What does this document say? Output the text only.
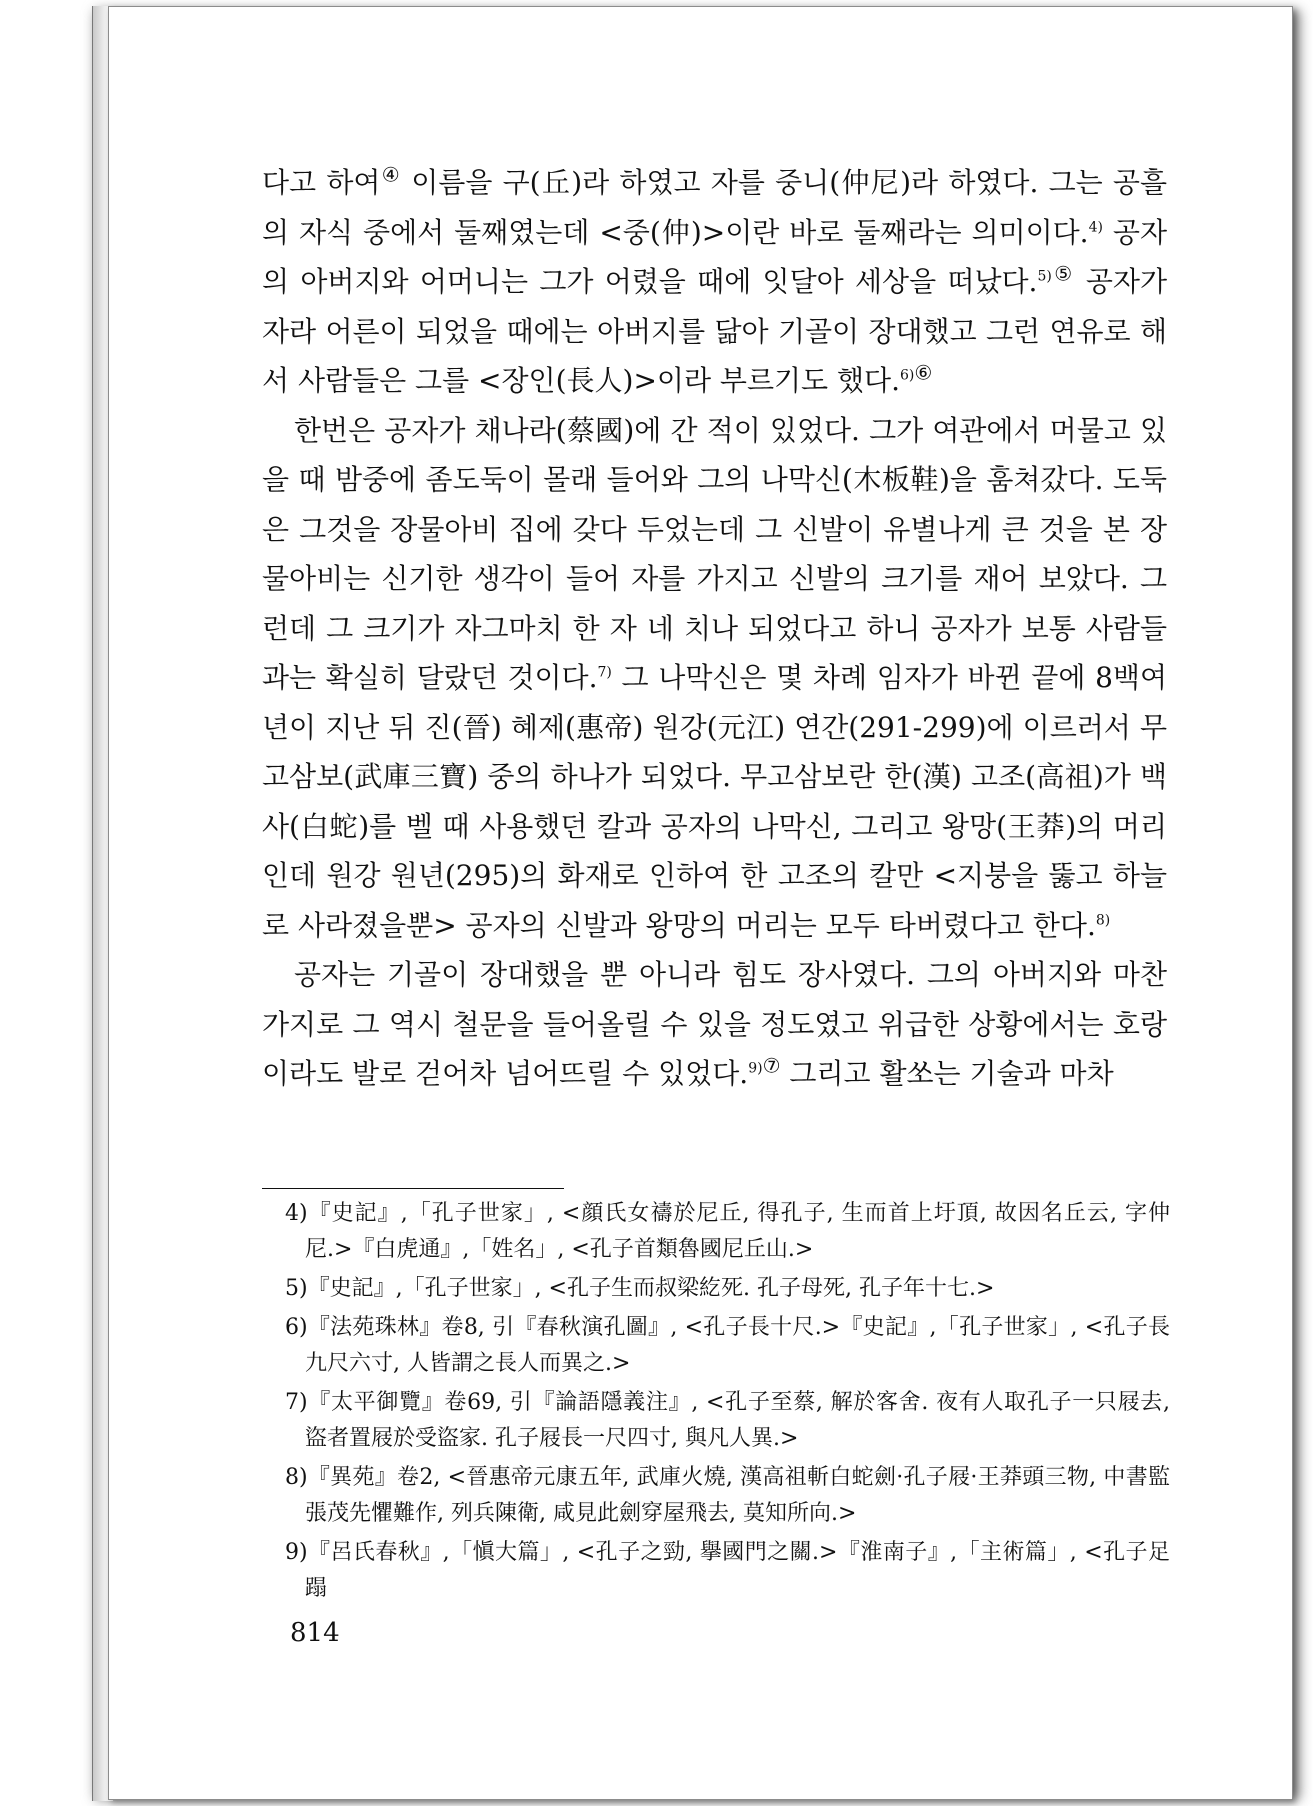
다고 하여④ 이름을 구(丘)라 하였고 자를 중니(仲尼)라 하였다. 그는 공흘의 자식 중에서 둘째였는데 <중(仲)>이란 바로 둘째라는 의미이다.$^{4)}$ 공자의 아버지와 어머니는 그가 어렸을 때에 잇달아 세상을 떠났다.$^{5)⑤}$ 공자가 자라 어른이 되었을 때에는 아버지를 닮아 기골이 장대했고 그런 연유로 해서 사람들은 그를 <장인(長人)>이라 부르기도 했다.$^{6)⑥}$

한번은 공자가 채나라(蔡國)에 간 적이 있었다. 그가 여관에서 머물고 있을 때 밤중에 좀도둑이 몰래 들어와 그의 나막신(木板鞋)을 훔쳐갔다. 도둑은 그것을 장물아비 집에 갖다 두었는데 그 신발이 유별나게 큰 것을 본 장물아비는 신기한 생각이 들어 자를 가지고 신발의 크기를 재어 보았다. 그런데 그 크기가 자그마치 한 자 네 치나 되었다고 하니 공자가 보통 사람들과는 확실히 달랐던 것이다.$^{7)}$ 그 나막신은 몇 차례 임자가 바뀐 끝에 8백여 년이 지난 뒤 진(晉) 혜제(惠帝) 원강(元江) 연간(291-299)에 이르러서 무고삼보(武庫三寶) 중의 하나가 되었다. 무고삼보란 한(漢) 고조(高祖)가 백사(白蛇)를 벨 때 사용했던 칼과 공자의 나막신, 그리고 왕망(王莽)의 머리인데 원강 원년(295)의 화재로 인하여 한 고조의 칼만 <지붕을 뚫고 하늘로 사라졌을뿐> 공자의 신발과 왕망의 머리는 모두 타버렸다고 한다.$^{8)}$

공자는 기골이 장대했을 뿐 아니라 힘도 장사였다. 그의 아버지와 마찬가지로 그 역시 철문을 들어올릴 수 있을 정도였고 위급한 상황에서는 호랑이라도 발로 걷어차 넘어뜨릴 수 있었다.$^{9)⑦}$ 그리고 활쏘는 기술과 마차

4)『史記』,「孔子世家」, <顔氏女禱於尼丘, 得孔子, 生而首上圩頂, 故因名丘云, 字仲尼.>『白虎通』,「姓名」, <孔子首類魯國尼丘山.>

5)『史記』,「孔子世家」, <孔子生而叔梁紇死. 孔子母死, 孔子年十七.>

6)『法苑珠林』卷8, 引『春秋演孔圖』, <孔子長十尺.>『史記』,「孔子世家」, <孔子長九尺六寸, 人皆謂之長人而異之.>

7)『太平御覽』卷69, 引『論語隱義注』, <孔子至蔡, 解於客舍. 夜有人取孔子一只屐去, 盜者置屐於受盜家. 孔子屐長一尺四寸, 與凡人異.>

8)『異苑』卷2, <晉惠帝元康五年, 武庫火燒, 漢高祖斬白蛇劍·孔子屐·王莽頭三物, 中書監張茂先懼難作, 列兵陳衛, 咸見此劍穿屋飛去, 莫知所向.>

9)『呂氏春秋』,「愼大篇」, <孔子之勁, 擧國門之關.>『淮南子』,「主術篇」, <孔子足蹋

814
